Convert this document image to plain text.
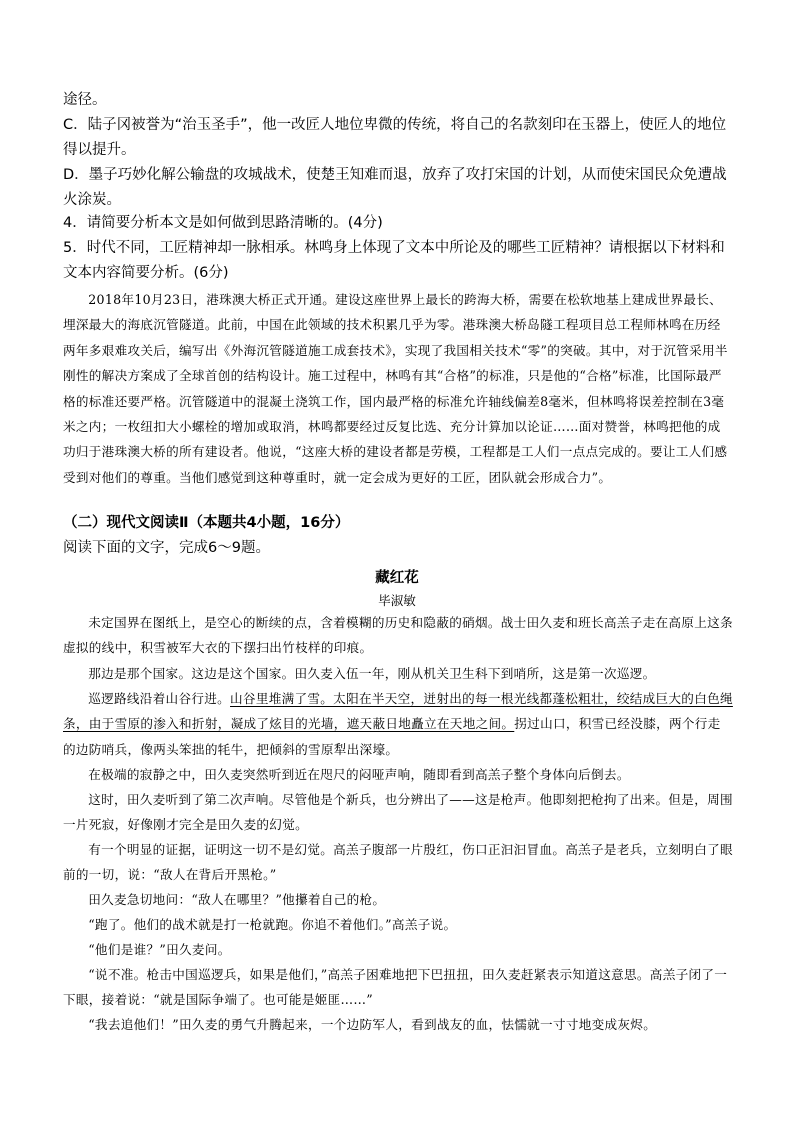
途径。

C．陆子冈被誉为“治玉圣手”，他一改匠人地位卑微的传统，将自己的名款刻印在玉器上，使匠人的地位得以提升。

D．墨子巧妙化解公输盘的攻城战术，使楚王知难而退，放弃了攻打宋国的计划，从而使宋国民众免遭战火涂炭。

4．请简要分析本文是如何做到思路清晰的。(4分)

5．时代不同，工匠精神却一脉相承。林鸣身上体现了文本中所论及的哪些工匠精神？请根据以下材料和文本内容简要分析。(6分)

2018年10月23日，港珠澳大桥正式开通。建设这座世界上最长的跨海大桥，需要在松软地基上建成世界最长、埋深最大的海底沉管隧道。此前，中国在此领域的技术积累几乎为零。港珠澳大桥岛隧工程项目总工程师林鸣在历经两年多艰难攻关后，编写出《外海沉管隧道施工成套技术》，实现了我国相关技术“零”的突破。其中，对于沉管采用半刚性的解决方案成了全球首创的结构设计。施工过程中，林鸣有其“合格”的标准，只是他的“合格”标准，比国际最严格的标准还要严格。沉管隧道中的混凝土浇筑工作，国内最严格的标准允许轴线偏差8毫米，但林鸣将误差控制在3毫米之内；一枚纽扣大小螺栓的增加或取消，林鸣都要经过反复比选、充分计算加以论证……面对赞誉，林鸣把他的成功归于港珠澳大桥的所有建设者。他说，“这座大桥的建设者都是劳模，工程都是工人们一点点完成的。要让工人们感受到对他们的尊重。当他们感觉到这种尊重时，就一定会成为更好的工匠，团队就会形成合力”。

（二）现代文阅读Ⅱ（本题共4小题，16分）

阅读下面的文字，完成6～9题。

藏红花

毕淑敏

未定国界在图纸上，是空心的断续的点，含着模糊的历史和隐蔽的硝烟。战士田久麦和班长高羔子走在高原上这条虚拟的线中，积雪被军大衣的下摆扫出竹枝样的印痕。

那边是那个国家。这边是这个国家。田久麦入伍一年，刚从机关卫生科下到哨所，这是第一次巡逻。

巡逻路线沿着山谷行进。山谷里堆满了雪。太阳在半天空，迸射出的每一根光线都蓬松粗壮，绞结成巨大的白色绳条，由于雪原的渗入和折射，凝成了炫目的光墙，遮天蔽日地矗立在天地之间。拐过山口，积雪已经没膝，两个行走的边防哨兵，像两头笨拙的牦牛，把倾斜的雪原犁出深壕。

在极端的寂静之中，田久麦突然听到近在咫尺的闷哑声响，随即看到高羔子整个身体向后倒去。

这时，田久麦听到了第二次声响。尽管他是个新兵，也分辨出了——这是枪声。他即刻把枪拘了出来。但是，周围一片死寂，好像刚才完全是田久麦的幻觉。

有一个明显的证据，证明这一切不是幻觉。高羔子腹部一片殷红，伤口正汩汩冒血。高羔子是老兵，立刻明白了眼前的一切，说：“敌人在背后开黑枪。”

田久麦急切地问：“敌人在哪里？”他攥着自己的枪。

“跑了。他们的战术就是打一枪就跑。你追不着他们。”高羔子说。

“他们是谁？”田久麦问。

“说不准。枪击中国巡逻兵，如果是他们，”高羔子困难地把下巴扭扭，田久麦赶紧表示知道这意思。高羔子闭了一下眼，接着说：“就是国际争端了。也可能是姬匪……”

“我去追他们！”田久麦的勇气升腾起来，一个边防军人，看到战友的血，怯懦就一寸寸地变成灰烬。
